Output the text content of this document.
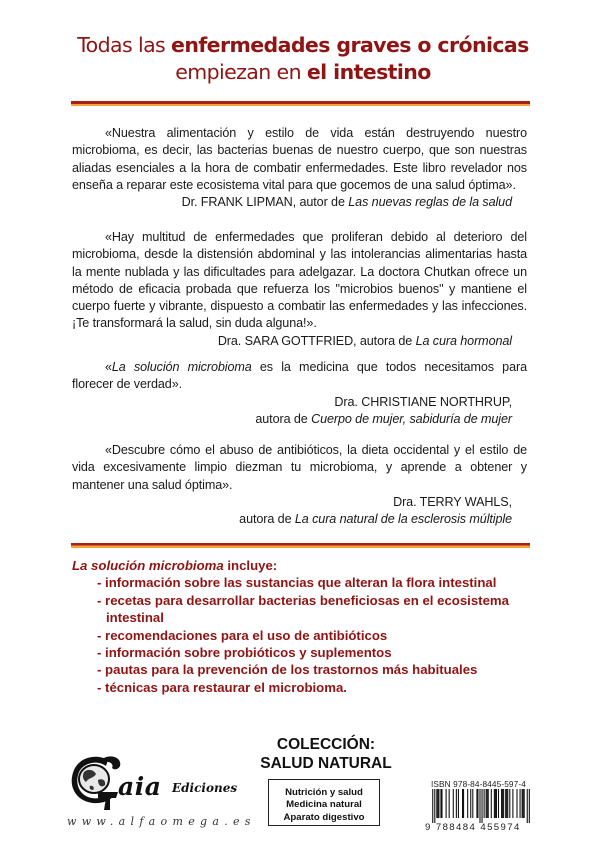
Todas las enfermedades graves o crónicas
empiezan en el intestino

«Nuestra alimentación y estilo de vida están destruyendo nuestro microbioma, es decir, las bacterias buenas de nuestro cuerpo, que son nuestras aliadas esenciales a la hora de combatir enfermedades. Este libro revelador nos enseña a reparar este ecosistema vital para que gocemos de una salud óptima».

Dr. FRANK LIPMAN, autor de Las nuevas reglas de la salud

«Hay multitud de enfermedades que proliferan debido al deterioro del microbioma, desde la distensión abdominal y las intolerancias alimentarias hasta la mente nublada y las dificultades para adelgazar. La doctora Chutkan ofrece un método de eficacia probada que refuerza los "microbios buenos" y mantiene el cuerpo fuerte y vibrante, dispuesto a combatir las enfermedades y las infecciones. ¡Te transformará la salud, sin duda alguna!».

Dra. SARA GOTTFRIED, autora de La cura hormonal

«La solución microbioma es la medicina que todos necesitamos para florecer de verdad».

Dra. CHRISTIANE NORTHRUP,
autora de Cuerpo de mujer, sabiduría de mujer

«Descubre cómo el abuso de antibióticos, la dieta occidental y el estilo de vida excesivamente limpio diezman tu microbioma, y aprende a obtener y mantener una salud óptima».

Dra. TERRY WAHLS,
autora de La cura natural de la esclerosis múltiple
La solución microbioma incluye:
- información sobre las sustancias que alteran la flora intestinal
- recetas para desarrollar bacterias beneficiosas en el ecosistema intestinal
- recomendaciones para el uso de antibióticos
- información sobre probióticos y suplementos
- pautas para la prevención de los trastornos más habituales
- técnicas para restaurar el microbioma.
aia Ediciones
www.alfaomega.es
COLECCIÓN:
SALUD NATURAL
Nutrición y salud
Medicina natural
Aparato digestivo
ISBN 978-84-8445-597-4
9 788484 455974
